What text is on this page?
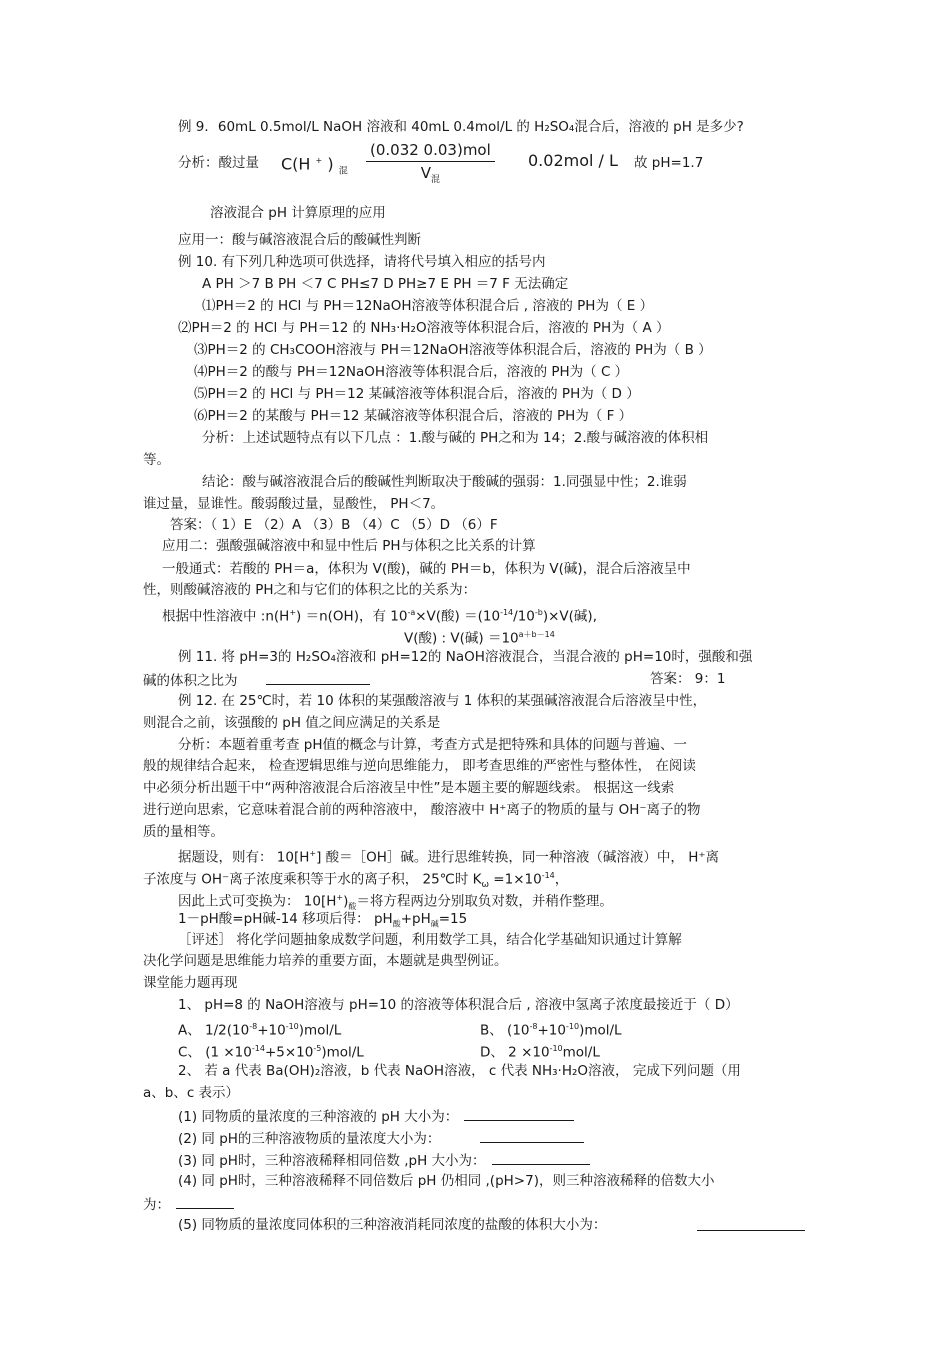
例 9．60mL 0.5mol/L NaOH 溶液和 40mL 0.4mol/L 的 H₂SO₄混合后，溶液的 pH 是多少?
分析：酸过量 C(H + ) $_混$
(0.032 0.03)mol
$V_混$
0.02mol / L 故 pH=1.7
溶液混合 pH 计算原理的应用
应用一：酸与碱溶液混合后的酸碱性判断
例 10. 有下列几种选项可供选择，请将代号填入相应的括号内
A PH ＞7 B PH ＜7 C PH≤7 D PH≥7 E PH ＝7 F 无法确定
⑴PH＝2 的 HCl 与 PH＝12NaOH溶液等体积混合后 , 溶液的 PH为（ E ）
⑵PH＝2 的 HCl 与 PH＝12 的 NH₃·H₂O溶液等体积混合后，溶液的 PH为（ A ）
⑶PH＝2 的 CH₃COOH溶液与 PH＝12NaOH溶液等体积混合后，溶液的 PH为（ B ）
⑷PH＝2 的酸与 PH＝12NaOH溶液等体积混合后，溶液的 PH为（ C ）
⑸PH＝2 的 HCl 与 PH＝12 某碱溶液等体积混合后，溶液的 PH为（ D ）
⑹PH＝2 的某酸与 PH＝12 某碱溶液等体积混合后，溶液的 PH为（ F ）
分析：上述试题特点有以下几点 ：1.酸与碱的 PH之和为 14；2.酸与碱溶液的体积相
等。
结论：酸与碱溶液混合后的酸碱性判断取决于酸碱的强弱：1.同强显中性；2.谁弱
谁过量，显谁性。酸弱酸过量，显酸性， PH＜7。
答案：（ 1）E （2）A （3）B （4）C （5）D （6）F
应用二：强酸强碱溶液中和显中性后 PH与体积之比关系的计算
一般通式：若酸的 PH＝a，体积为 V(酸)，碱的 PH＝b，体积为 V(碱)，混合后溶液呈中
性，则酸碱溶液的 PH之和与它们的体积之比的关系为：
根据中性溶液中 :n(H+) ＝n(OH)，有 $10^{-a}\times V$(酸) $=(10^{-14}/10^{-b})\times V$(碱),
V(酸) : V(碱) $=10^{a+b-14}$
例 11. 将 pH=3的 H₂SO₄溶液和 pH=12的 NaOH溶液混合，当混合液的 pH=10时，强酸和强
碱的体积之比为	答案： 9：1
例 12. 在 25℃时，若 10 体积的某强酸溶液与 1 体积的某强碱溶液混合后溶液呈中性，
则混合之前，该强酸的 pH 值之间应满足的关系是
分析：本题着重考查 pH值的概念与计算，考查方式是把特殊和具体的问题与普遍、一
般的规律结合起来， 检查逻辑思维与逆向思维能力， 即考查思维的严密性与整体性， 在阅读
中必须分析出题干中“两种溶液混合后溶液呈中性”是本题主要的解题线索。 根据这一线索
进行逆向思索，它意味着混合前的两种溶液中， 酸溶液中 H⁺离子的物质的量与 OH⁻离子的物
质的量相等。
据题设，则有： 10[H+] 酸＝［OH］碱。进行思维转换，同一种溶液（碱溶液）中， H⁺离
子浓度与 OH⁻离子浓度乘积等于水的离子积， 25℃时 $K_\omega =1\times 10^{-14}$，
因此上式可变换为： $10[H^+)_酸=$将方程两边分别取负对数，并稍作整理。
1－pH酸=pH碱-14 移项后得： $pH_酸+pH_碱=15$
［评述］ 将化学问题抽象成数学问题，利用数学工具，结合化学基础知识通过计算解
决化学问题是思维能力培养的重要方面，本题就是典型例证。
课堂能力题再现
1、 pH=8 的 NaOH溶液与 pH=10 的溶液等体积混合后 , 溶液中氢离子浓度最接近于（ D）
A、 $1/2(10^{-8}+10^{-10})mol/L$	B、 $(10^{-8}+10^{-10})mol/L$
C、 $(1 \times 10^{-14}+5\times 10^{-5})mol/L$	D、 $2 \times 10^{-10}mol/L$
2、 若 a 代表 Ba(OH)₂溶液，b 代表 NaOH溶液， c 代表 NH₃·H₂O溶液， 完成下列问题（用
a、b、c 表示）
(1) 同物质的量浓度的三种溶液的 pH 大小为：
(2) 同 pH的三种溶液物质的量浓度大小为：
(3) 同 pH时，三种溶液稀释相同倍数 ,pH 大小为：
(4) 同 pH时，三种溶液稀释不同倍数后 pH 仍相同 ,(pH>7)，则三种溶液稀释的倍数大小
为：
(5) 同物质的量浓度同体积的三种溶液消耗同浓度的盐酸的体积大小为：
